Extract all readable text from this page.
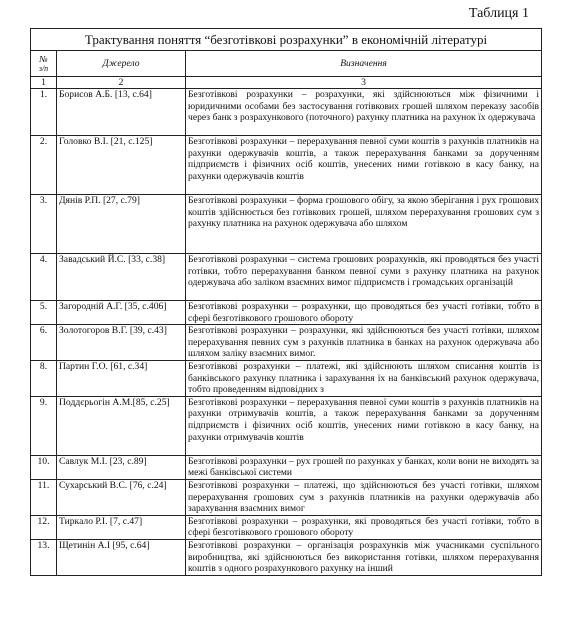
Таблиця 1
Трактування поняття “безготівкові розрахунки” в економічній літературі		

№
з/п	Джерело	Визначення
1	2	3
1.	Борисов А.Б. [13, с.64]	Безготівкові розрахунки – розрахунки, які здійснюються між фізичними і юридичними особами без застосування готівкових грошей шляхом переказу засобів через банк з розрахункового (поточного) рахунку платника на рахунок їх одержувача
2.	Головко В.І. [21, с.125]	Безготівкові розрахунки – перерахування певної суми коштів з рахунків платників на рахунки одержувачів коштів, а також перерахування банками за дорученням підприємств і фізичних осіб коштів, унесених ними готівкою в касу банку, на рахунки одержувачів коштів
3.	Дянів Р.П. [27, с.79]	Безготівкові розрахунки – форма грошового обігу, за якою зберігання і рух грошових коштів здійснюється без готівкових грошей, шляхом перерахування грошових сум з рахунку платника на рахунок одержувача або шляхом
4.	Завадський Й.С. [33, с.38]	Безготівкові розрахунки – система грошових розрахунків, які проводяться без участі готівки, тобто перерахування банком певної суми з рахунку платника на рахунок одержувача або заліком взаємних вимог підприємств і громадських організацій
5.	Загородній А.Г. [35, с.406]	Безготівкові розрахунки – розрахунки, що проводяться без участі готівки, тобто в сфері безготівкового грошового обороту
6.	Золотогоров В.Г. [39, с.43]	Безготівкові розрахунки – розрахунки, які здійснюються без участі готівки, шляхом перерахування певних сум з рахунків платника в банках на рахунок одержувача або шляхом заліку взаємних вимог.
8.	Партин Г.О. [61, с.34]	Безготівкові розрахунки – платежі, які здійснюють шляхом списання коштів із банківського рахунку платника і зарахування їх на банківський рахунок одержувача, тобто проведенням відповідних з
9.	Поддєрьогін А.М.[85, с.25]	Безготівкові розрахунки – перерахування певної суми коштів з рахунків платників на рахунки отримувачів коштів, а також перерахування банками за дорученням підприємств і фізичних осіб коштів, унесених ними готівкою в касу банку, на рахунки отримувачів коштів
10.	Савлук М.І. [23, с.89]	Безготівкові розрахунки – рух грошей по рахунках у банках, коли вони не виходять за межі банківської системи
11.	Сухарський В.С. [76, с.24]	Безготівкові розрахунки – платежі, що здійснюються без участі готівки, шляхом перерахування грошових сум з рахунків платників на рахунки одержувачів або зарахування взаємних вимог
12.	Тиркало Р.І. [7, с.47]	Безготівкові розрахунки – розрахунки, які проводяться без участі готівки, тобто в сфері безготівкового грошового обороту
13.	Щетинін А.І [95, с.64]	Безготівкові розрахунки – організація розрахунків між учасниками суспільного виробництва, які здійснюються без використання готівки, шляхом перерахування коштів з одного розрахункового рахунку на інший
